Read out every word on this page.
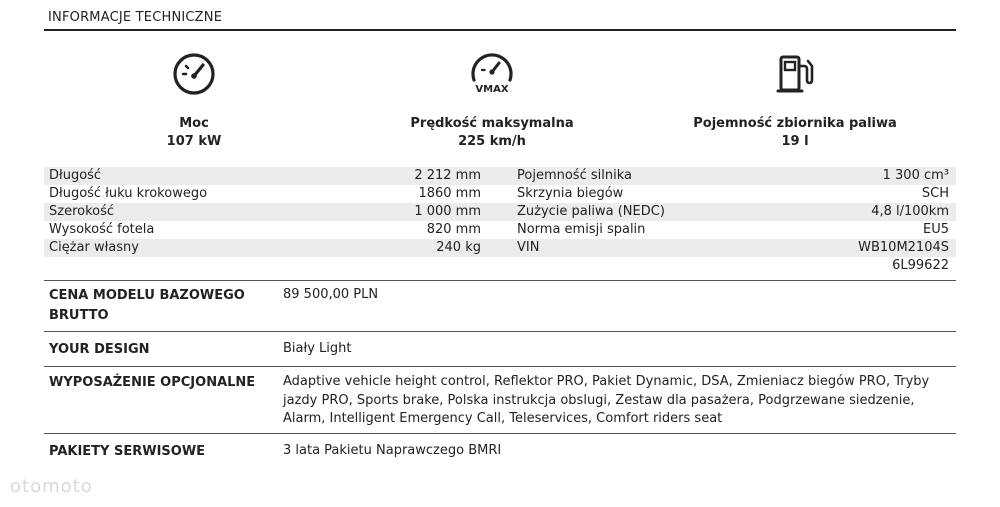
INFORMACJE TECHNICZNE
Moc
107 kW
VMAX
Prędkość maksymalna
225 km/h
Pojemność zbiornika paliwa
19 l
Długość	2 212 mm	Pojemność silnika	1 300 cm³
Długość łuku krokowego	1860 mm	Skrzynia biegów	SCH
Szerokość	1 000 mm	Zużycie paliwa (NEDC)	4,8 l/100km
Wysokość fotela	820 mm	Norma emisji spalin	EU5
Ciężar własny	240 kg	VIN	WB10M2104S
6L99622
CENA MODELU BAZOWEGO BRUTTO
89 500,00 PLN
YOUR DESIGN	Biały Light
WYPOSAŻENIE OPCJONALNE	Adaptive vehicle height control, Reflektor PRO, Pakiet Dynamic, DSA, Zmieniacz biegów PRO, Tryby jazdy PRO, Sports brake, Polska instrukcja obslugi, Zestaw dla pasażera, Podgrzewane siedzenie, Alarm, Intelligent Emergency Call, Teleservices, Comfort riders seat
PAKIETY SERWISOWE	3 lata Pakietu Naprawczego BMRI
otomoto
